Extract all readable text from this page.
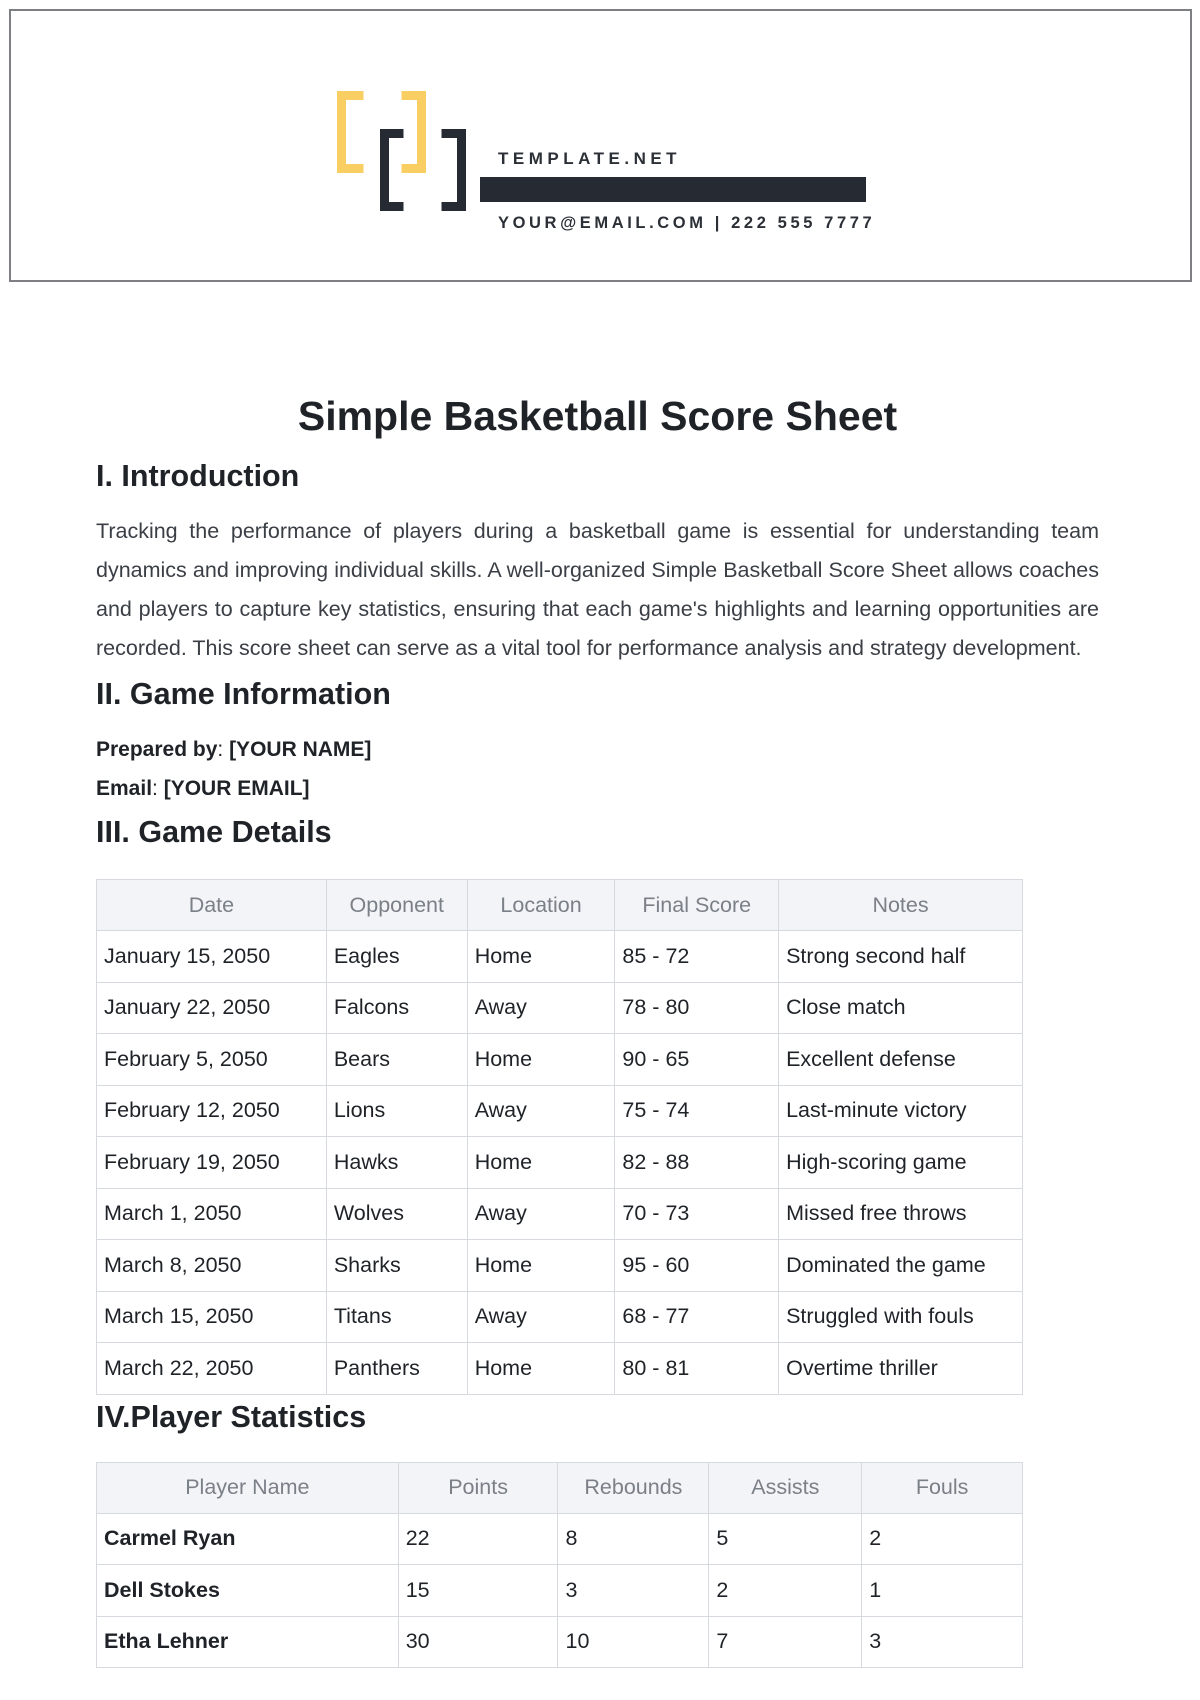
TEMPLATE.NET
YOUR@EMAIL.COM | 222 555 7777
Simple Basketball Score Sheet
I. Introduction

Tracking the performance of players during a basketball game is essential for understanding team dynamics and improving individual skills. A well-organized Simple Basketball Score Sheet allows coaches and players to capture key statistics, ensuring that each game's highlights and learning opportunities are recorded. This score sheet can serve as a vital tool for performance analysis and strategy development.

II. Game Information
Prepared by: [YOUR NAME]
Email: [YOUR EMAIL]
III. Game Details
Date	Opponent	Location	Final Score	Notes
January 15, 2050	Eagles	Home	85 - 72	Strong second half
January 22, 2050	Falcons	Away	78 - 80	Close match
February 5, 2050	Bears	Home	90 - 65	Excellent defense
February 12, 2050	Lions	Away	75 - 74	Last-minute victory
February 19, 2050	Hawks	Home	82 - 88	High-scoring game
March 1, 2050	Wolves	Away	70 - 73	Missed free throws
March 8, 2050	Sharks	Home	95 - 60	Dominated the game
March 15, 2050	Titans	Away	68 - 77	Struggled with fouls
March 22, 2050	Panthers	Home	80 - 81	Overtime thriller
IV.Player Statistics
Player Name	Points	Rebounds	Assists	Fouls
Carmel Ryan	22	8	5	2
Dell Stokes	15	3	2	1
Etha Lehner	30	10	7	3
